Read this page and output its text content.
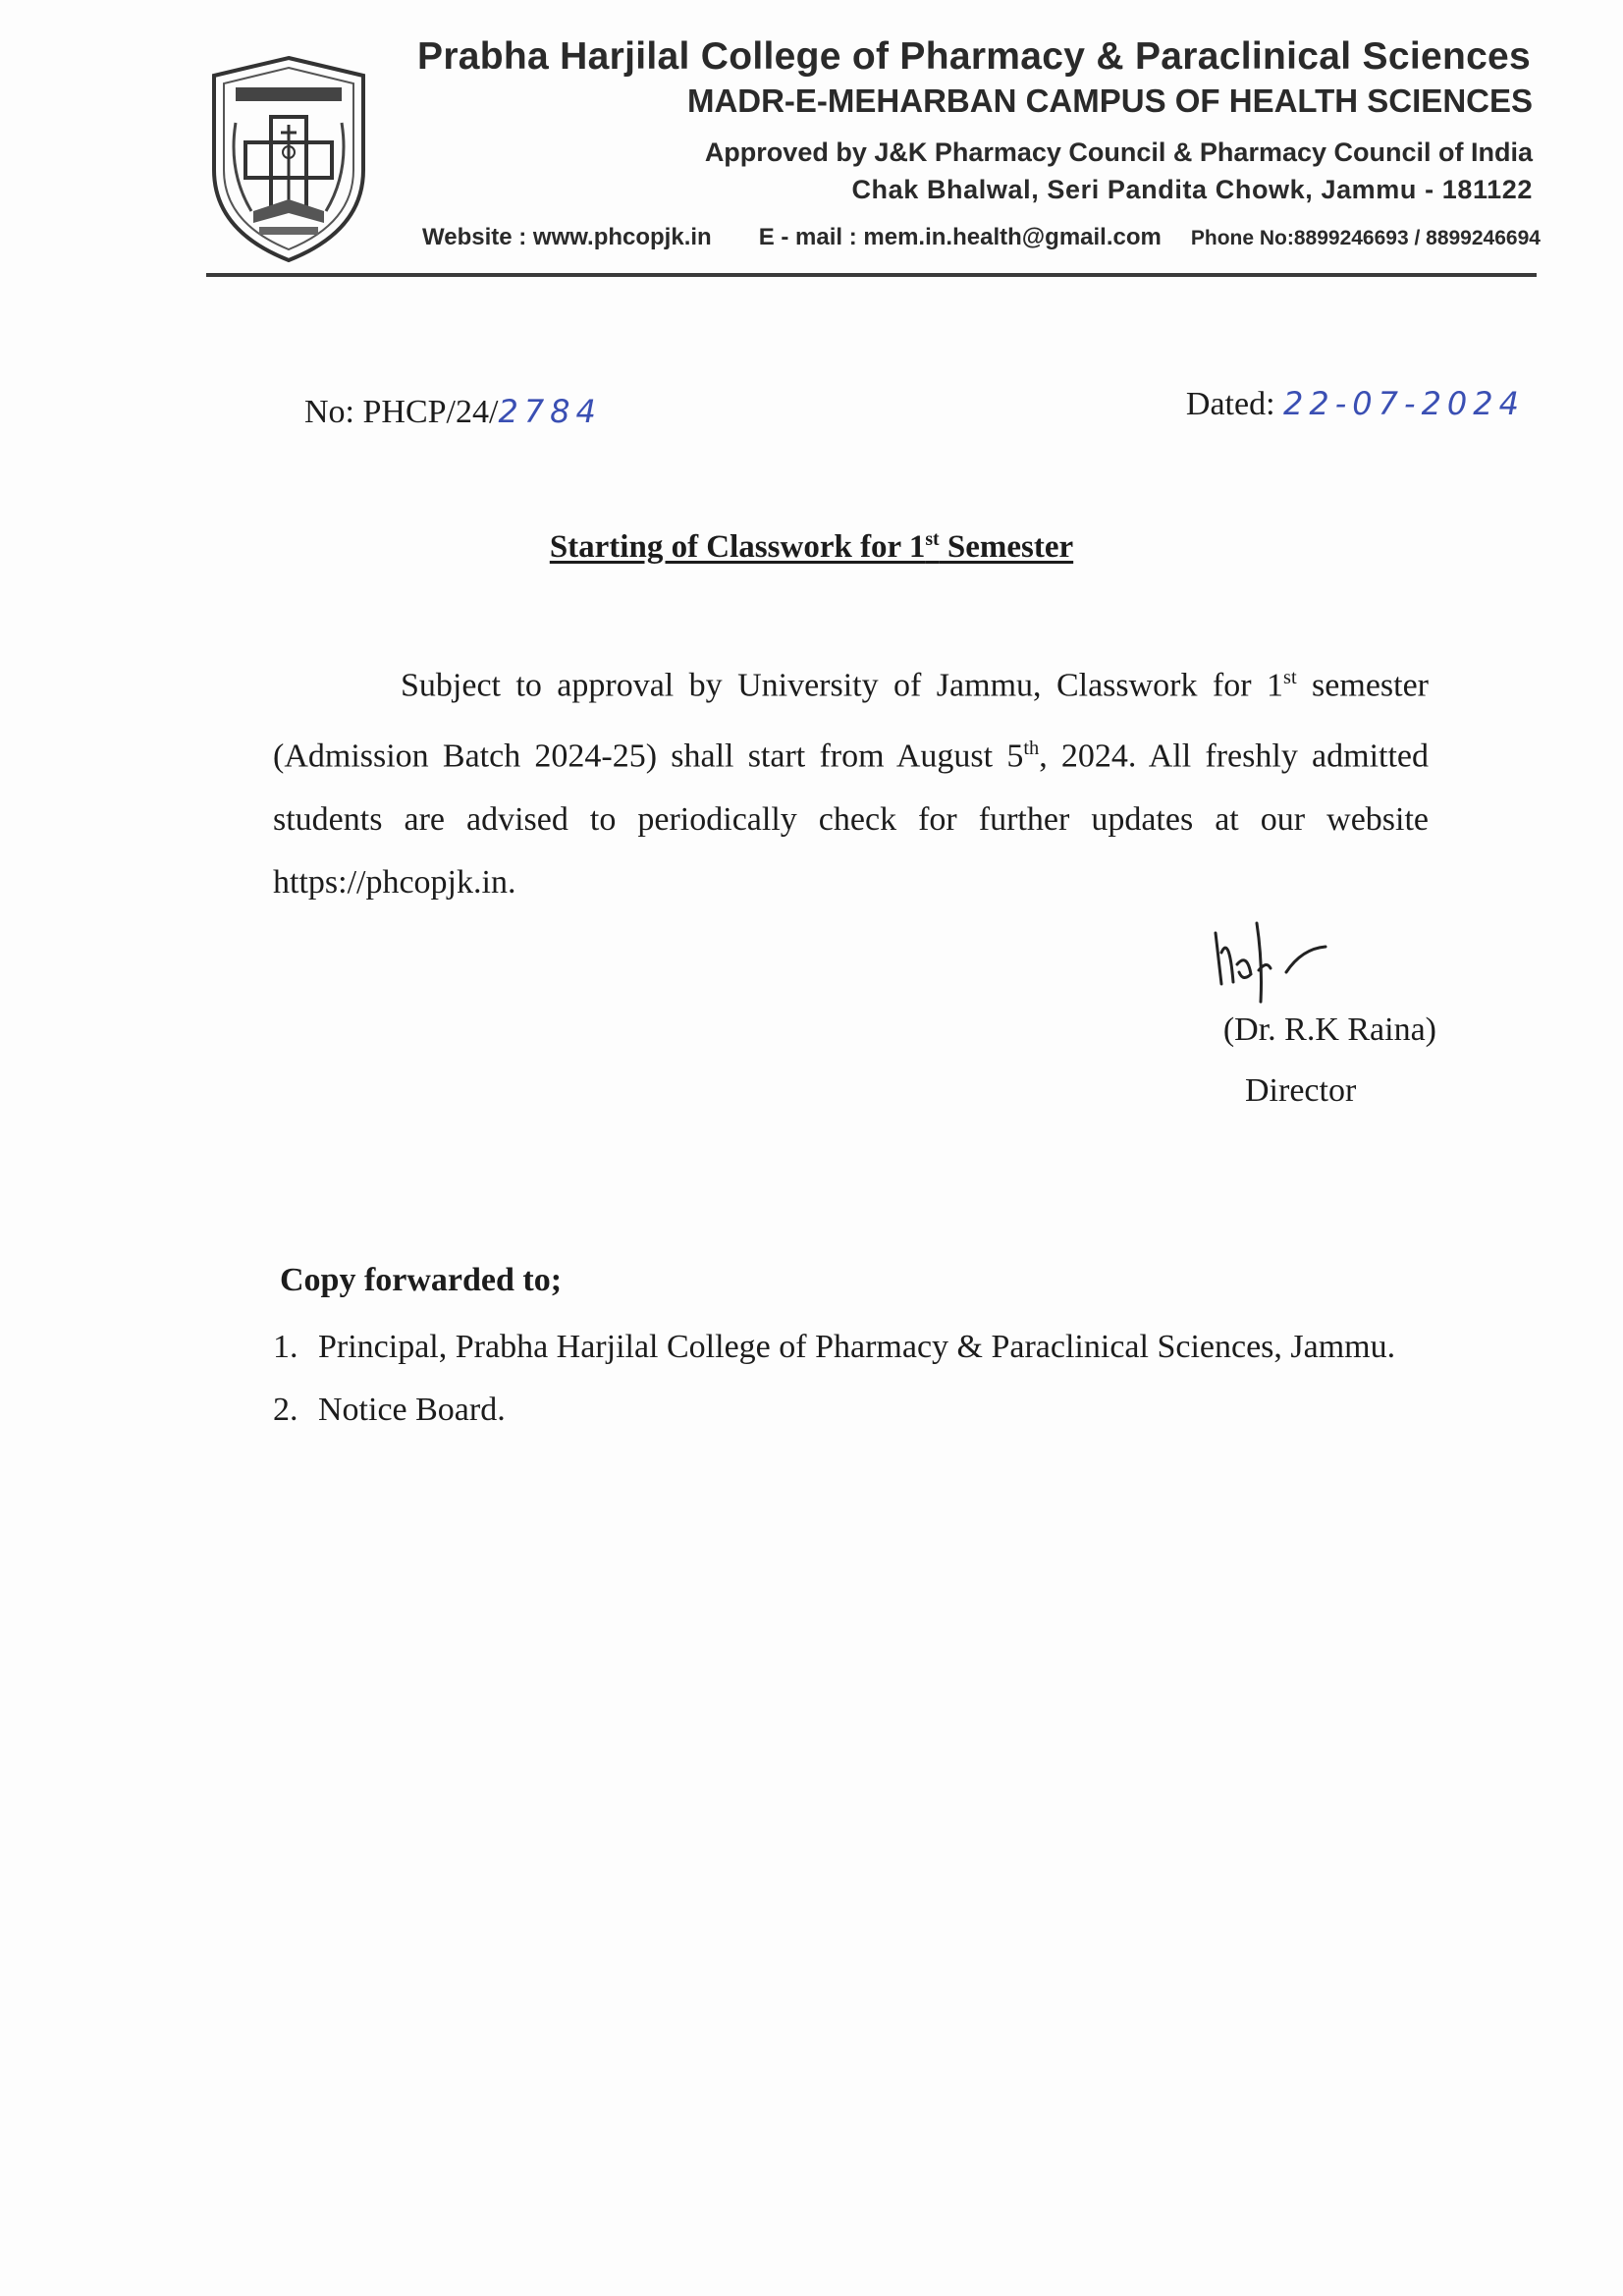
Prabha Harjilal College of Pharmacy & Paraclinical Sciences
MADR-E-MEHARBAN CAMPUS OF HEALTH SCIENCES
Approved by J&K Pharmacy Council & Pharmacy Council of India
Chak Bhalwal, Seri Pandita Chowk, Jammu - 181122
Website : www.phcopjk.in E - mail : mem.in.health@gmail.com Phone No:8899246693 / 8899246694
No: PHCP/24/2784	Dated: 22-07-2024
Starting of Classwork for 1st Semester

Subject to approval by University of Jammu, Classwork for 1st semester (Admission Batch 2024-25) shall start from August 5th, 2024. All freshly admitted students are advised to periodically check for further updates at our website https://phcopjk.in.

(Dr. R.K Raina)
Director
Copy forwarded to;
1. Principal, Prabha Harjilal College of Pharmacy & Paraclinical Sciences, Jammu.
2. Notice Board.
